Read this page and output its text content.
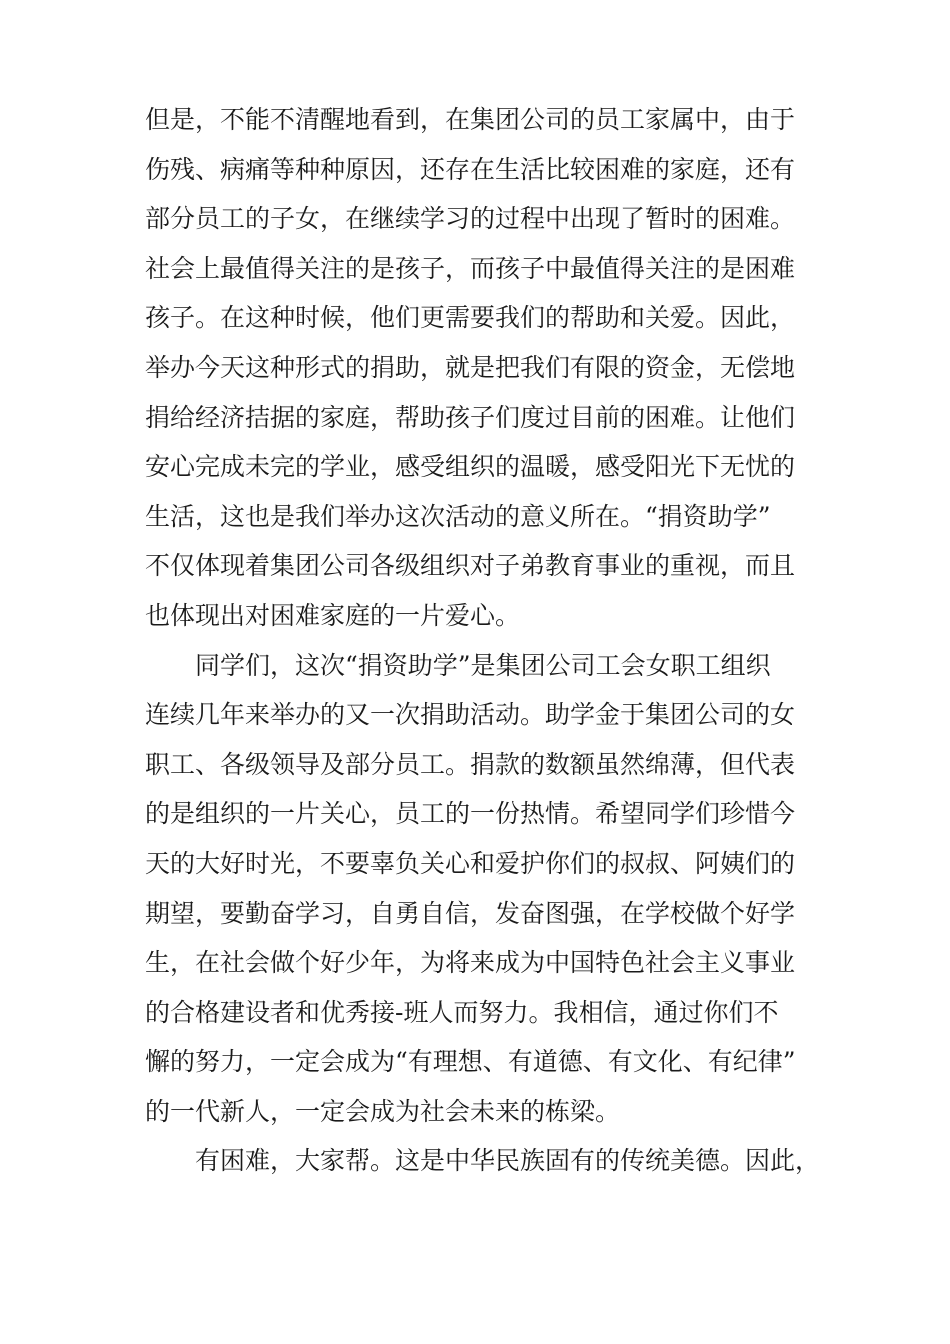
但是，不能不清醒地看到，在集团公司的员工家属中，由于
伤残、病痛等种种原因，还存在生活比较困难的家庭，还有
部分员工的子女，在继续学习的过程中出现了暂时的困难。
社会上最值得关注的是孩子，而孩子中最值得关注的是困难
孩子。在这种时候，他们更需要我们的帮助和关爱。因此，
举办今天这种形式的捐助，就是把我们有限的资金，无偿地
捐给经济拮据的家庭，帮助孩子们度过目前的困难。让他们
安心完成未完的学业，感受组织的温暖，感受阳光下无忧的
生活，这也是我们举办这次活动的意义所在。“捐资助学”
不仅体现着集团公司各级组织对子弟教育事业的重视，而且
也体现出对困难家庭的一片爱心。
同学们，这次“捐资助学”是集团公司工会女职工组织
连续几年来举办的又一次捐助活动。助学金于集团公司的女
职工、各级领导及部分员工。捐款的数额虽然绵薄，但代表
的是组织的一片关心，员工的一份热情。希望同学们珍惜今
天的大好时光，不要辜负关心和爱护你们的叔叔、阿姨们的
期望，要勤奋学习，自勇自信，发奋图强，在学校做个好学
生，在社会做个好少年，为将来成为中国特色社会主义事业
的合格建设者和优秀接-班人而努力。我相信，通过你们不
懈的努力，一定会成为“有理想、有道德、有文化、有纪律”
的一代新人，一定会成为社会未来的栋梁。
有困难，大家帮。这是中华民族固有的传统美德。因此，
